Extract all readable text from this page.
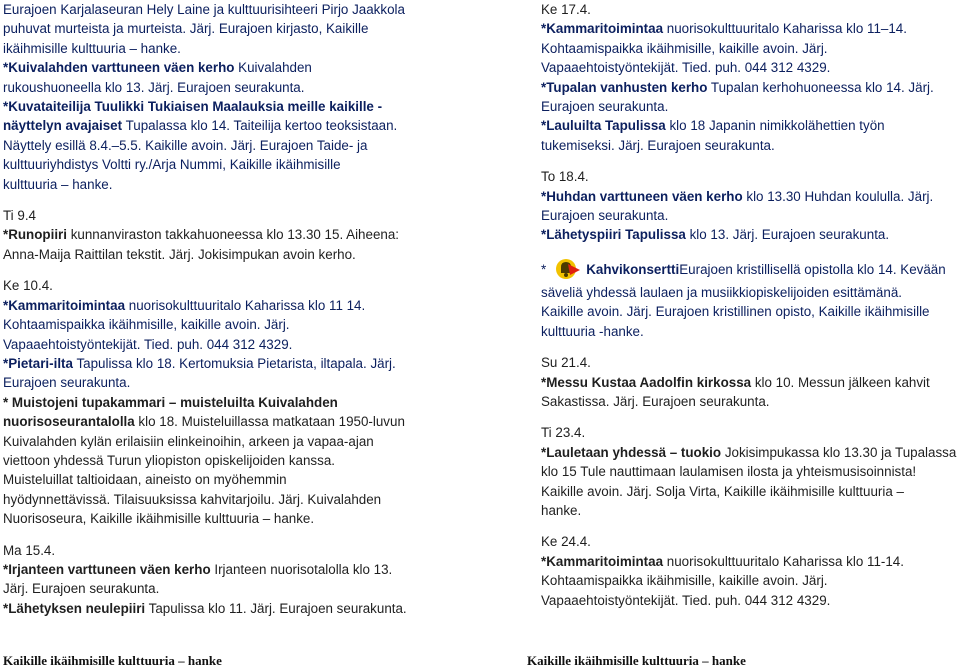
Eurajoen Karjalaseuran Hely Laine ja kulttuurisihteeri Pirjo Jaakkola
puhuvat murteista ja murteista. Järj. Eurajoen kirjasto, Kaikille
ikäihmisille kulttuuria – hanke.
*Kuivalahden varttuneen väen kerho Kuivalahden
rukoushuoneella klo 13. Järj. Eurajoen seurakunta.
*Kuvataiteilija Tuulikki Tukiaisen Maalauksia meille kaikille -
näyttelyn avajaiset Tupalassa klo 14. Taiteilija kertoo teoksistaan.
Näyttely esillä 8.4.–5.5. Kaikille avoin. Järj. Eurajoen Taide- ja
kulttuuriyhdistys Voltti ry./Arja Nummi, Kaikille ikäihmisille
kulttuuria – hanke.
Ti 9.4
*Runopiiri kunnanviraston takkahuoneessa klo 13.30 15. Aiheena:
Anna-Maija Raittilan tekstit. Järj. Jokisimpukan avoin kerho.
Ke 10.4.
*Kammaritoimintaa nuorisokulttuuritalo Kaharissa klo 11 14.
Kohtaamispaikka ikäihmisille, kaikille avoin. Järj.
Vapaaehtoistyöntekijät. Tied. puh. 044 312 4329.
*Pietari-ilta Tapulissa klo 18. Kertomuksia Pietarista, iltapala. Järj.
Eurajoen seurakunta.
* Muistojeni tupakammari – muisteluilta Kuivalahden
nuorisoseurantalolla klo 18. Muisteluillassa matkataan 1950-luvun
Kuivalahden kylän erilaisiin elinkeinoihin, arkeen ja vapaa-ajan
viettoon yhdessä Turun yliopiston opiskelijoiden kanssa.
Muisteluillat taltioidaan, aineisto on myöhemmin
hyödynnettävissä. Tilaisuuksissa kahvitarjoilu. Järj. Kuivalahden
Nuorisoseura, Kaikille ikäihmisille kulttuuria – hanke.
Ma 15.4.
*Irjanteen varttuneen väen kerho Irjanteen nuorisotalolla klo 13.
Järj. Eurajoen seurakunta.
*Lähetyksen neulepiiri Tapulissa klo 11. Järj. Eurajoen seurakunta.
Ke 17.4.
*Kammaritoimintaa nuorisokulttuuritalo Kaharissa klo 11–14.
Kohtaamispaikka ikäihmisille, kaikille avoin. Järj.
Vapaaehtoistyöntekijät. Tied. puh. 044 312 4329.
*Tupalan vanhusten kerho Tupalan kerhohuoneessa klo 14. Järj.
Eurajoen seurakunta.
*Lauluilta Tapulissa klo 18 Japanin nimikkolähettien työn
tukemiseksi. Järj. Eurajoen seurakunta.
To 18.4.
*Huhdan varttuneen väen kerho klo 13.30 Huhdan koululla. Järj.
Eurajoen seurakunta.
*Lähetyspiiri Tapulissa klo 13. Järj. Eurajoen seurakunta.
*	Kahvikonsertti Eurajoen kristillisellä opistolla klo 14. Kevään
säveliä yhdessä laulaen ja musiikkiopiskelijoiden esittämänä.
Kaikille avoin. Järj. Eurajoen kristillinen opisto, Kaikille ikäihmisille
kulttuuria -hanke.
Su 21.4.
*Messu Kustaa Aadolfin kirkossa klo 10. Messun jälkeen kahvit
Sakastissa. Järj. Eurajoen seurakunta.
Ti 23.4.
*Lauletaan yhdessä – tuokio Jokisimpukassa klo 13.30 ja Tupalassa
klo 15 Tule nauttimaan laulamisen ilosta ja yhteismusisoinnista!
Kaikille avoin. Järj. Solja Virta, Kaikille ikäihmisille kulttuuria –
hanke.
Ke 24.4.
*Kammaritoimintaa nuorisokulttuuritalo Kaharissa klo 11-14.
Kohtaamispaikka ikäihmisille, kaikille avoin. Järj.
Vapaaehtoistyöntekijät. Tied. puh. 044 312 4329.
Kaikille ikäihmisille kulttuuria – hanke	Kaikille ikäihmisille kulttuuria – hanke
